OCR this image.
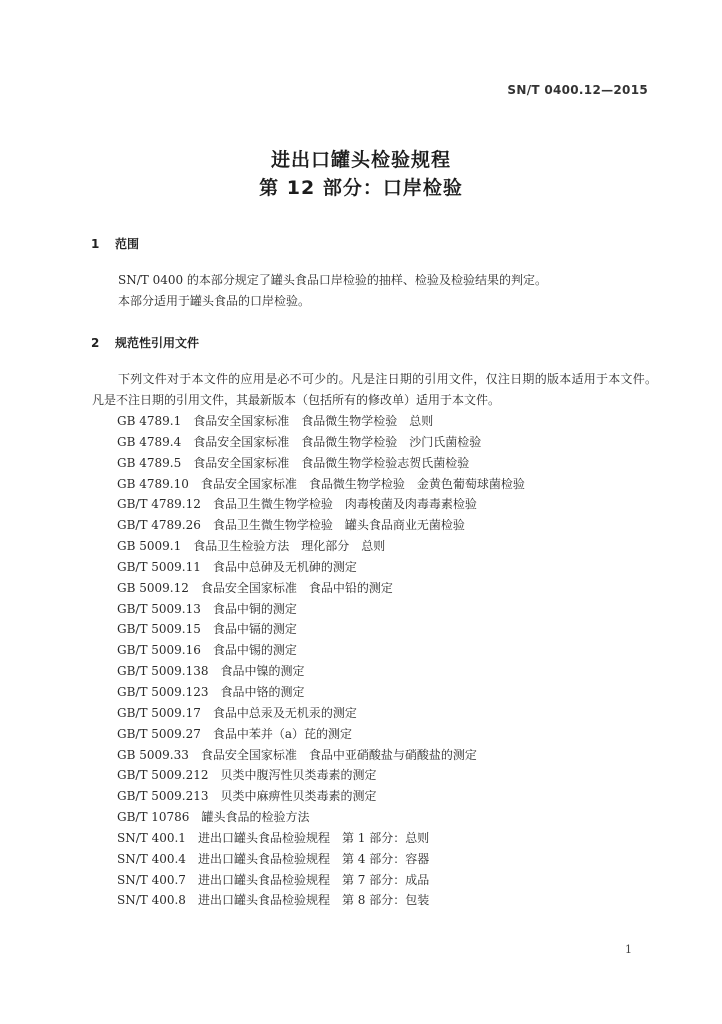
SN/T 0400.12—2015
进出口罐头检验规程
第 12 部分：口岸检验
1 范围
SN/T 0400 的本部分规定了罐头食品口岸检验的抽样、检验及检验结果的判定。
本部分适用于罐头食品的口岸检验。
2 规范性引用文件
下列文件对于本文件的应用是必不可少的。凡是注日期的引用文件，仅注日期的版本适用于本文件。凡是不注日期的引用文件，其最新版本（包括所有的修改单）适用于本文件。
GB 4789.1 食品安全国家标准　食品微生物学检验　总则
GB 4789.4 食品安全国家标准　食品微生物学检验　沙门氏菌检验
GB 4789.5 食品安全国家标准　食品微生物学检验志贺氏菌检验
GB 4789.10 食品安全国家标准　食品微生物学检验　金黄色葡萄球菌检验
GB/T 4789.12 食品卫生微生物学检验　肉毒梭菌及肉毒毒素检验
GB/T 4789.26 食品卫生微生物学检验　罐头食品商业无菌检验
GB 5009.1 食品卫生检验方法　理化部分　总则
GB/T 5009.11 食品中总砷及无机砷的测定
GB 5009.12 食品安全国家标准　食品中铅的测定
GB/T 5009.13 食品中铜的测定
GB/T 5009.15 食品中镉的测定
GB/T 5009.16 食品中锡的测定
GB/T 5009.138 食品中镍的测定
GB/T 5009.123 食品中铬的测定
GB/T 5009.17 食品中总汞及无机汞的测定
GB/T 5009.27 食品中苯并（a）芘的测定
GB 5009.33 食品安全国家标准　食品中亚硝酸盐与硝酸盐的测定
GB/T 5009.212 贝类中腹泻性贝类毒素的测定
GB/T 5009.213 贝类中麻痹性贝类毒素的测定
GB/T 10786 罐头食品的检验方法
SN/T 400.1 进出口罐头食品检验规程　第 1 部分：总则
SN/T 400.4 进出口罐头食品检验规程　第 4 部分：容器
SN/T 400.7 进出口罐头食品检验规程　第 7 部分：成品
SN/T 400.8 进出口罐头食品检验规程　第 8 部分：包装
1
